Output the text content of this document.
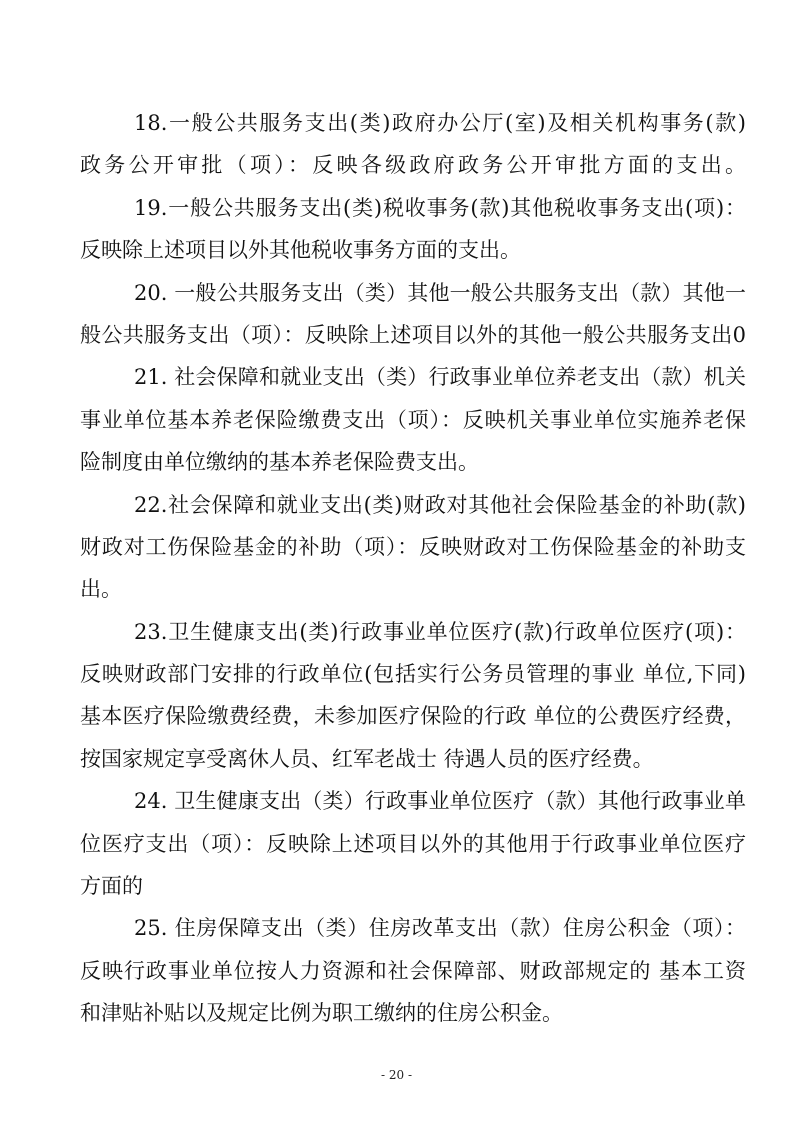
18.一般公共服务支出(类)政府办公厅(室)及相关机构事务(款)
政务公开审批（项）：反映各级政府政务公开审批方面的支出。
19.一般公共服务支出(类)税收事务(款)其他税收事务支出(项)：
反映除上述项目以外其他税收事务方面的支出。
20. 一般公共服务支出（类）其他一般公共服务支出（款）其他一
般公共服务支出（项）：反映除上述项目以外的其他一般公共服务支出0
21. 社会保障和就业支出（类）行政事业单位养老支出（款）机关
事业单位基本养老保险缴费支出（项）：反映机关事业单位实施养老保
险制度由单位缴纳的基本养老保险费支出。
22.社会保障和就业支出(类)财政对其他社会保险基金的补助(款)
财政对工伤保险基金的补助（项）：反映财政对工伤保险基金的补助支
出。
23.卫生健康支出(类)行政事业单位医疗(款)行政单位医疗(项)：
反映财政部门安排的行政单位(包括实行公务员管理的事业 单位,下同)
基本医疗保险缴费经费，未参加医疗保险的行政 单位的公费医疗经费，
按国家规定享受离休人员、红军老战士 待遇人员的医疗经费。
24. 卫生健康支出（类）行政事业单位医疗（款）其他行政事业单
位医疗支出（项）：反映除上述项目以外的其他用于行政事业单位医疗
方面的
25. 住房保障支出（类）住房改革支出（款）住房公积金（项）：
反映行政事业单位按人力资源和社会保障部、财政部规定的 基本工资
和津贴补贴以及规定比例为职工缴纳的住房公积金。
- 20 -
